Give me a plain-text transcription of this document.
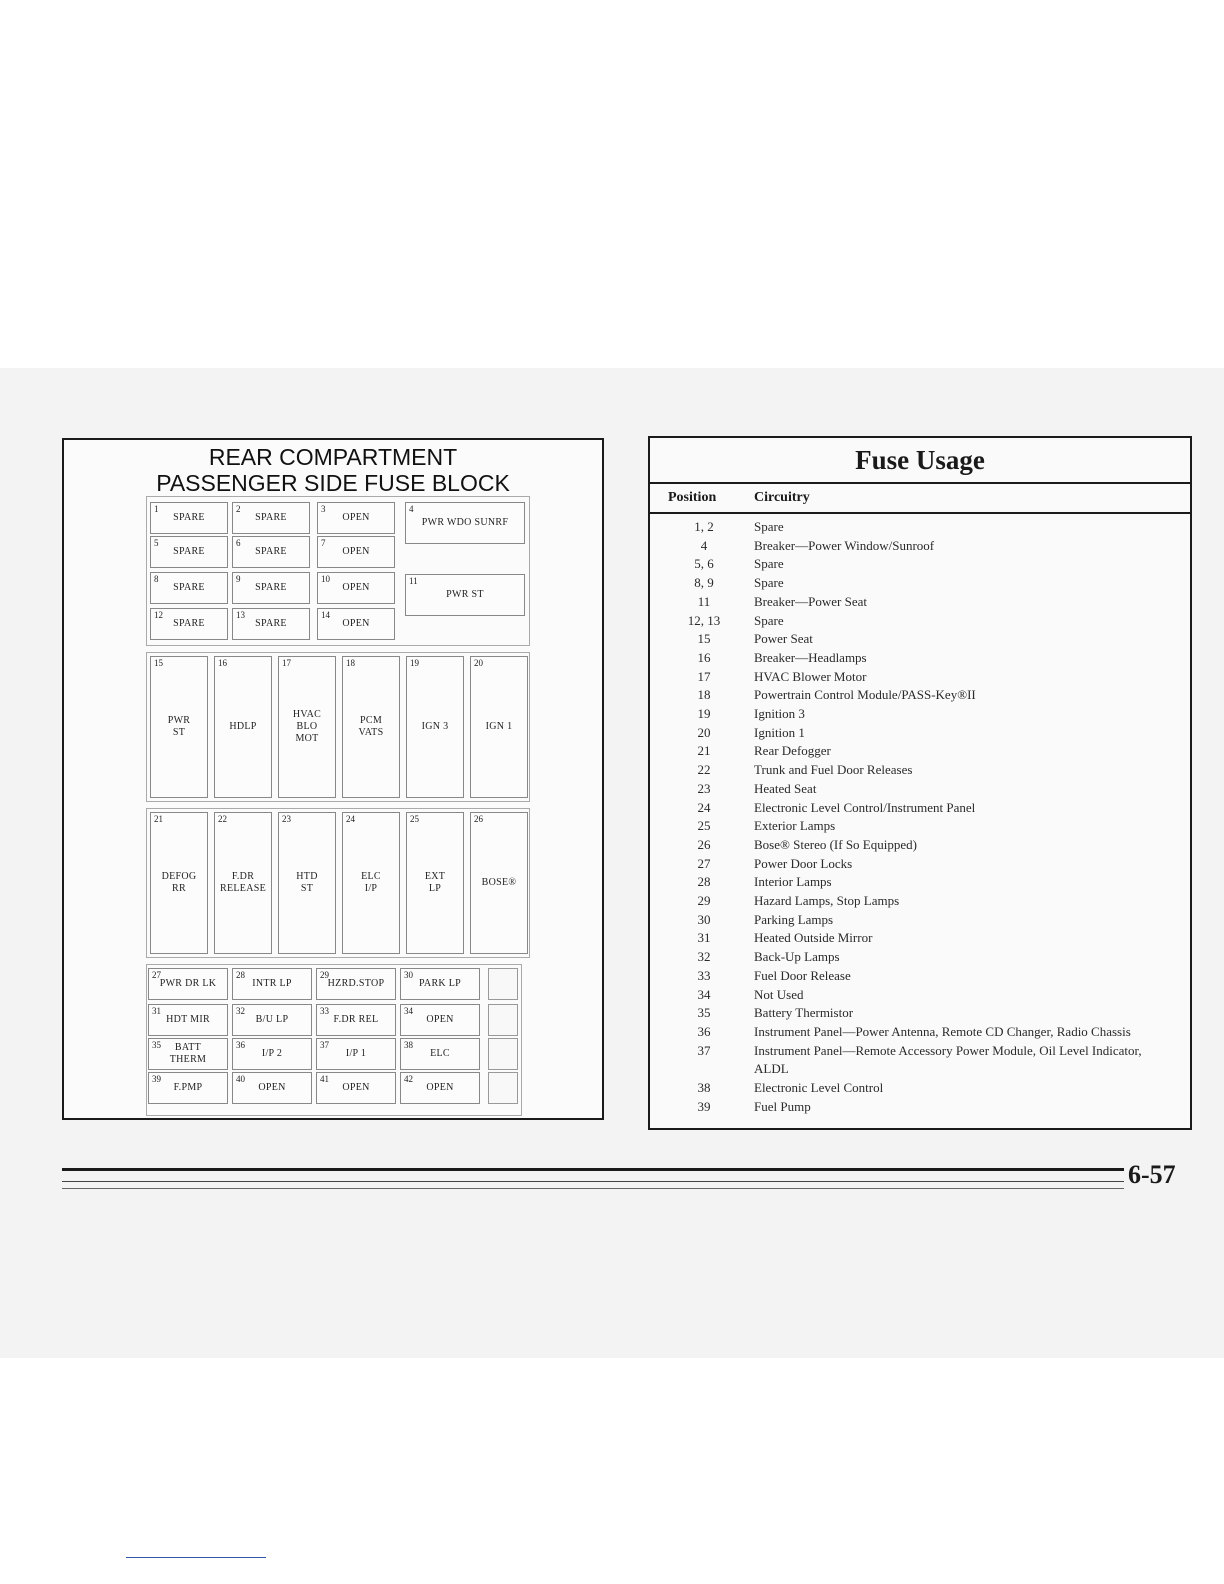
REAR COMPARTMENT
PASSENGER SIDE FUSE BLOCK
1
SPARE
2
SPARE
3
OPEN
5
SPARE
6
SPARE
7
OPEN
8
SPARE
9
SPARE
10
OPEN
12
SPARE
13
SPARE
14
OPEN
4
PWR WDO SUNRF
11
PWR ST
15
PWR
ST
16
HDLP
17
HVAC
BLO
MOT
18
PCM
VATS
19
IGN 3
20
IGN 1
21
DEFOG
RR
22
F.DR
RELEASE
23
HTD
ST
24
ELC
I/P
25
EXT
LP
26
BOSE®
27
PWR DR LK
28
INTR LP
29
HZRD.STOP
30
PARK LP
31
HDT MIR
32
B/U LP
33
F.DR REL
34
OPEN
35	BATT
THERM
36
I/P 2
37
I/P 1
38
ELC
39
F.PMP
40
OPEN
41
OPEN
42
OPEN
Fuse Usage
Position	Circuitry
1, 2	Spare
4	Breaker—Power Window/Sunroof
5, 6	Spare
8, 9	Spare
11	Breaker—Power Seat
12, 13	Spare
15	Power Seat
16	Breaker—Headlamps
17	HVAC Blower Motor
18	Powertrain Control Module/PASS-Key®II
19	Ignition 3
20	Ignition 1
21	Rear Defogger
22	Trunk and Fuel Door Releases
23	Heated Seat
24	Electronic Level Control/Instrument Panel
25	Exterior Lamps
26	Bose® Stereo (If So Equipped)
27	Power Door Locks
28	Interior Lamps
29	Hazard Lamps, Stop Lamps
30	Parking Lamps
31	Heated Outside Mirror
32	Back-Up Lamps
33	Fuel Door Release
34	Not Used
35	Battery Thermistor
36	Instrument Panel—Power Antenna, Remote CD Changer, Radio Chassis
37	Instrument Panel—Remote Accessory Power Module, Oil Level Indicator, ALDL
38	Electronic Level Control
39	Fuel Pump
6-57
